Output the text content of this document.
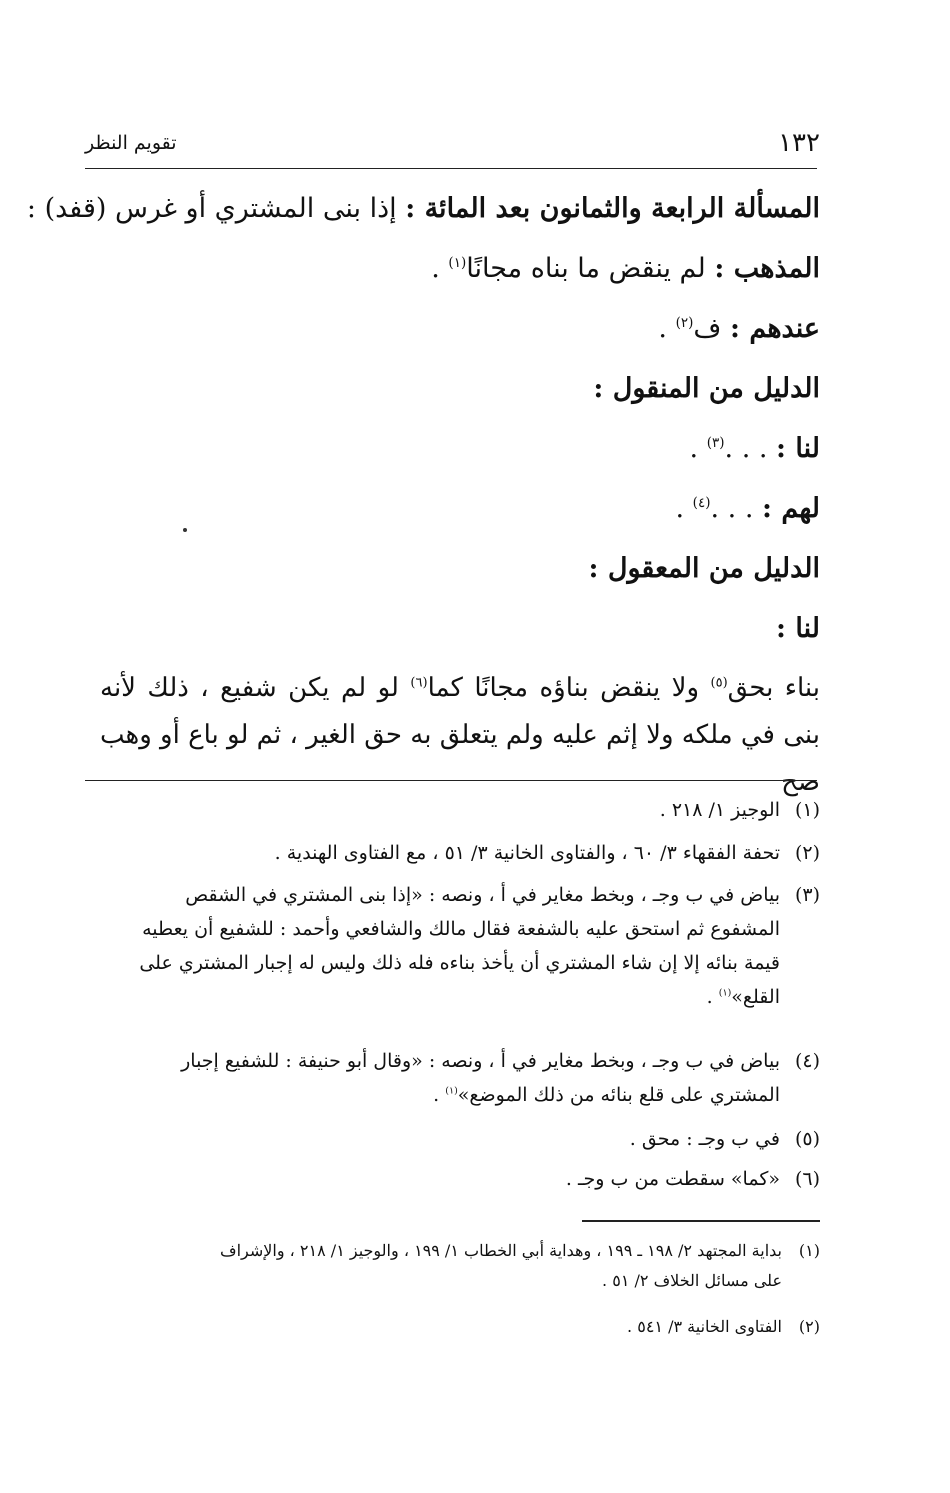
١٣٢
تقويم النظر
المسألة الرابعة والثمانون بعد المائة : إذا بنى المشتري أو غرس (قفد) :
المذهب : لم ينقض ما بناه مجانًا$^{(١)}$ .
عندهم : ف$^{(٢)}$ .
الدليل من المنقول :
لنا : . . .$^{(٣)}$ .
لهم : . . .$^{(٤)}$ .
الدليل من المعقول :
لنا :
بناء بحق$^{(٥)}$ ولا ينقض بناؤه مجانًا كما$^{(٦)}$ لو لم يكن شفيع ، ذلك لأنه بنى في ملكه ولا إثم عليه ولم يتعلق به حق الغير ، ثم لو باع أو وهب صح
(١)الوجيز ١/ ٢١٨ .
(٢)تحفة الفقهاء ٣/ ٦٠ ، والفتاوى الخانية ٣/ ٥١ ، مع الفتاوى الهندية .
(٣)بياض في ب وجـ ، وبخط مغاير في أ ، ونصه : «إذا بنى المشتري في الشقص
المشفوع ثم استحق عليه بالشفعة فقال مالك والشافعي وأحمد : للشفيع أن يعطيه
قيمة بنائه إلا إن شاء المشتري أن يأخذ بناءه فله ذلك وليس له إجبار المشتري على
القلع»$^{(١)}$ .
(٤)بياض في ب وجـ ، وبخط مغاير في أ ، ونصه : «وقال أبو حنيفة : للشفيع إجبار
المشتري على قلع بنائه من ذلك الموضع»$^{(١)}$ .
(٥)في ب وجـ : محق .
(٦)«كما» سقطت من ب وجـ .
(١)بداية المجتهد ٢/ ١٩٨ ـ ١٩٩ ، وهداية أبي الخطاب ١/ ١٩٩ ، والوجيز ١/ ٢١٨ ، والإشراف
على مسائل الخلاف ٢/ ٥١ .
(٢)الفتاوى الخانية ٣/ ٥٤١ .
